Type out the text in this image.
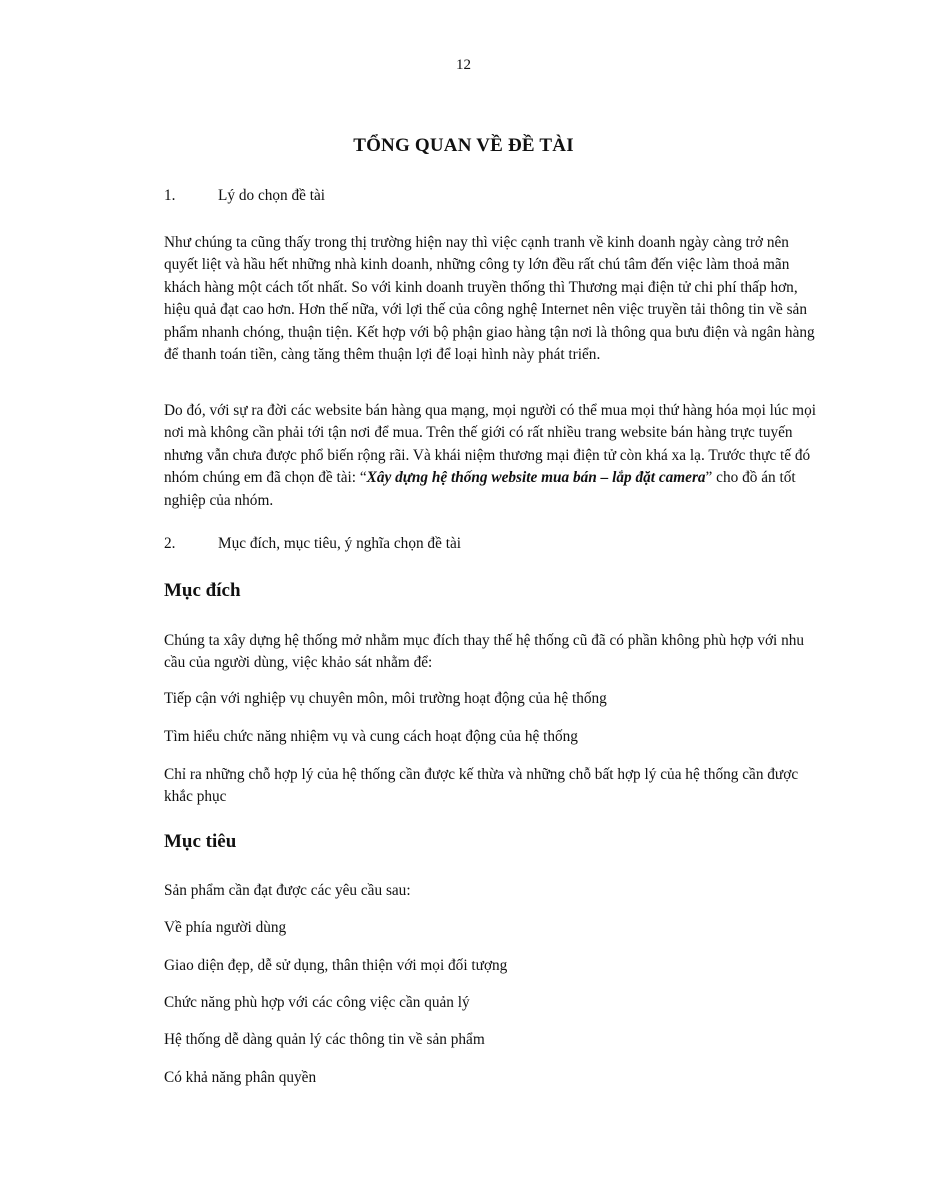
12
TỔNG QUAN VỀ ĐỀ TÀI
1.	Lý do chọn đề tài

Như chúng ta cũng thấy trong thị trường hiện nay thì việc cạnh tranh về kinh doanh ngày càng trở nên quyết liệt và hầu hết những nhà kinh doanh, những công ty lớn đều rất chú tâm đến việc làm thoả mãn khách hàng một cách tốt nhất. So với kinh doanh truyền thống thì Thương mại điện tử chi phí thấp hơn, hiệu quả đạt cao hơn. Hơn thế nữa, với lợi thế của công nghệ Internet nên việc truyền tải thông tin về sản phẩm nhanh chóng, thuận tiện. Kết hợp với bộ phận giao hàng tận nơi là thông qua bưu điện và ngân hàng để thanh toán tiền, càng tăng thêm thuận lợi để loại hình này phát triển.

Do đó, với sự ra đời các website bán hàng qua mạng, mọi người có thể mua mọi thứ hàng hóa mọi lúc mọi nơi mà không cần phải tới tận nơi để mua. Trên thế giới có rất nhiều trang website bán hàng trực tuyến nhưng vẫn chưa được phổ biến rộng rãi. Và khái niệm thương mại điện tử còn khá xa lạ. Trước thực tế đó nhóm chúng em đã chọn đề tài: “Xây dựng hệ thống website mua bán – lắp đặt camera” cho đồ án tốt nghiệp của nhóm.

2.	Mục đích, mục tiêu, ý nghĩa chọn đề tài
Mục đích

Chúng ta xây dựng hệ thống mở nhằm mục đích thay thế hệ thống cũ đã có phần không phù hợp với nhu cầu của người dùng, việc khảo sát nhằm để:

Tiếp cận với nghiệp vụ chuyên môn, môi trường hoạt động của hệ thống
Tìm hiểu chức năng nhiệm vụ và cung cách hoạt động của hệ thống
Chỉ ra những chỗ hợp lý của hệ thống cần được kế thừa và những chỗ bất hợp lý của hệ thống cần được khắc phục
Mục tiêu
Sản phẩm cần đạt được các yêu cầu sau:
Về phía người dùng
Giao diện đẹp, dễ sử dụng, thân thiện với mọi đối tượng
Chức năng phù hợp với các công việc cần quản lý
Hệ thống dễ dàng quản lý các thông tin về sản phẩm
Có khả năng phân quyền
